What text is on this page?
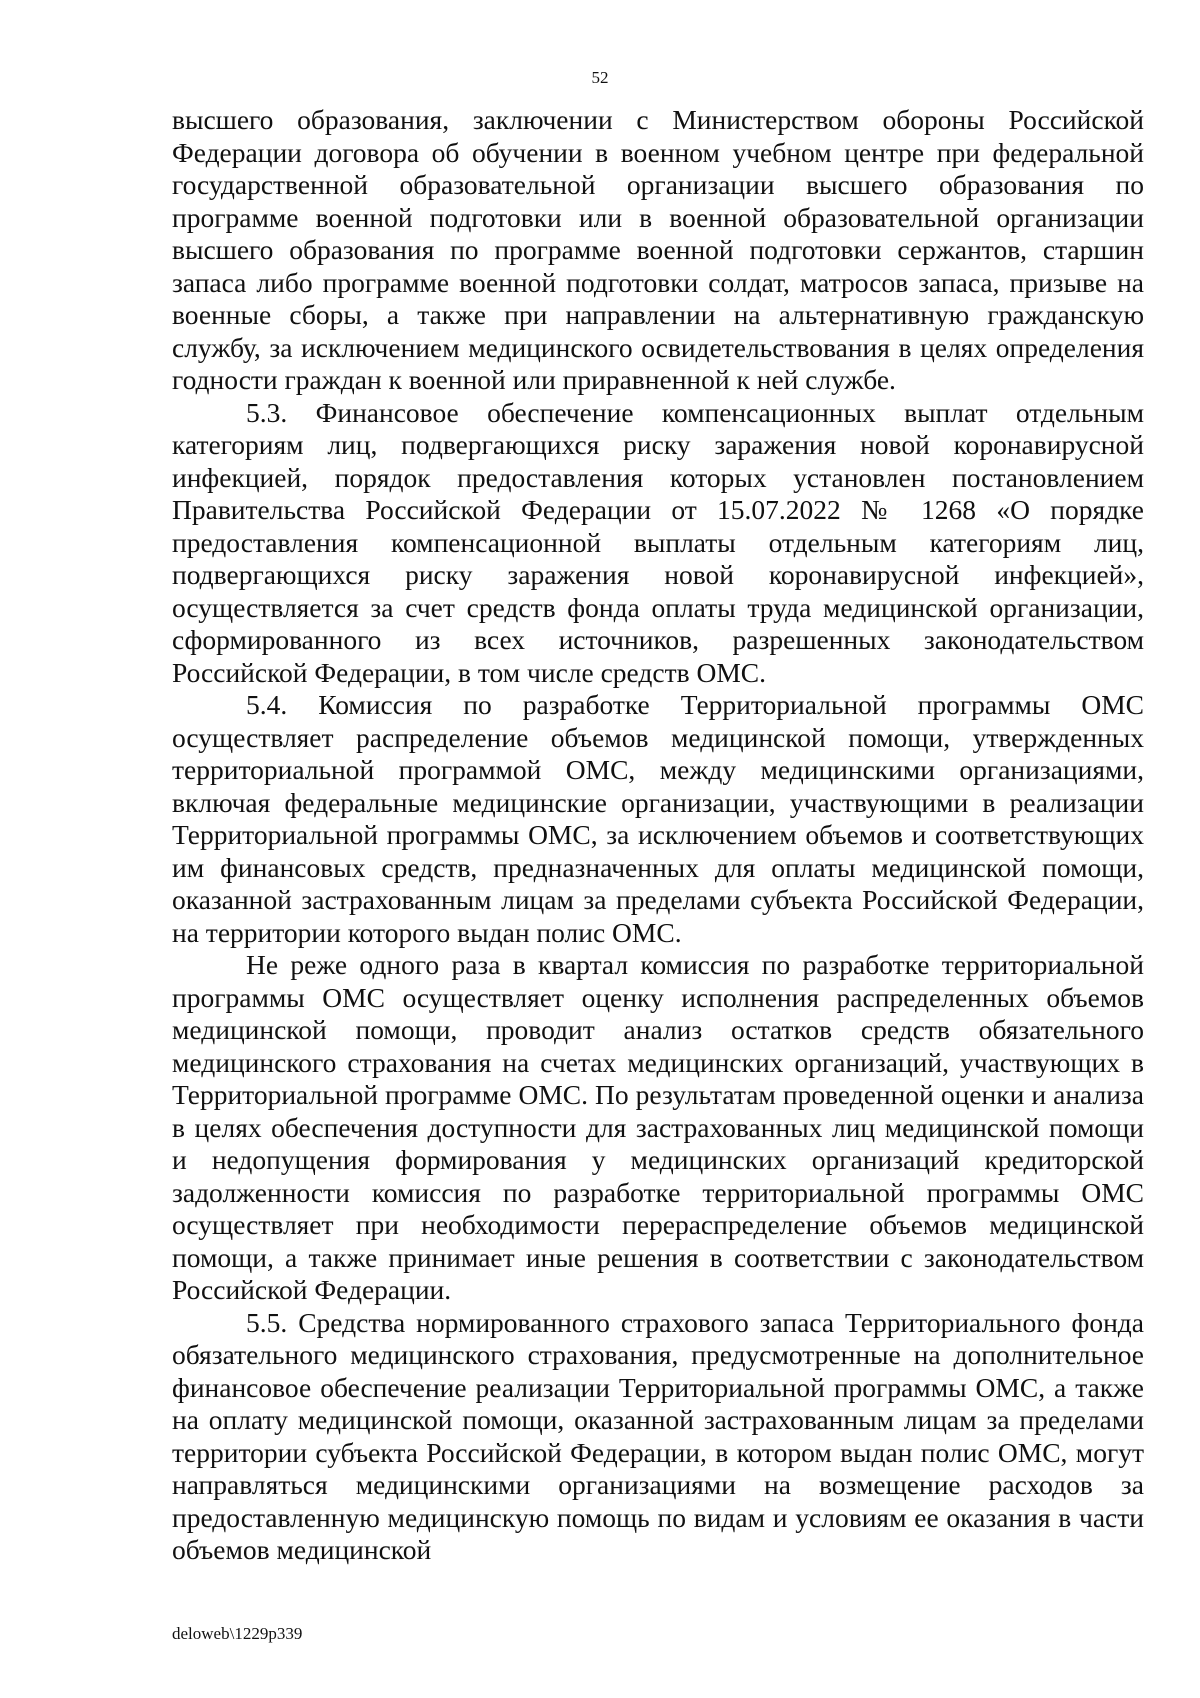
52

высшего образования, заключении с Министерством обороны Российской Федерации договора об обучении в военном учебном центре при федеральной государственной образовательной организации высшего образования по программе военной подготовки или в военной образовательной организации высшего образования по программе военной подготовки сержантов, старшин запаса либо программе военной подготовки солдат, матросов запаса, призыве на военные сборы, а также при направлении на альтернативную гражданскую службу, за исключением медицинского освидетельствования в целях определения годности граждан к военной или приравненной к ней службе.

5.3. Финансовое обеспечение компенсационных выплат отдельным категориям лиц, подвергающихся риску заражения новой коронавирусной инфекцией, порядок предоставления которых установлен постановлением Правительства Российской Федерации от 15.07.2022 № 1268 «О порядке предоставления компенсационной выплаты отдельным категориям лиц, подвергающихся риску заражения новой коронавирусной инфекцией», осуществляется за счет средств фонда оплаты труда медицинской организации, сформированного из всех источников, разрешенных законодательством Российской Федерации, в том числе средств ОМС.

5.4. Комиссия по разработке Территориальной программы ОМС осуществляет распределение объемов медицинской помощи, утвержденных территориальной программой ОМС, между медицинскими организациями, включая федеральные медицинские организации, участвующими в реализации Территориальной программы ОМС, за исключением объемов и соответствующих им финансовых средств, предназначенных для оплаты медицинской помощи, оказанной застрахованным лицам за пределами субъекта Российской Федерации, на территории которого выдан полис ОМС.

Не реже одного раза в квартал комиссия по разработке территориальной программы ОМС осуществляет оценку исполнения распределенных объемов медицинской помощи, проводит анализ остатков средств обязательного медицинского страхования на счетах медицинских организаций, участвующих в Территориальной программе ОМС. По результатам проведенной оценки и анализа в целях обеспечения доступности для застрахованных лиц медицинской помощи и недопущения формирования у медицинских организаций кредиторской задолженности комиссия по разработке территориальной программы ОМС осуществляет при необходимости перераспределение объемов медицинской помощи, а также принимает иные решения в соответствии с законодательством Российской Федерации.

5.5. Средства нормированного страхового запаса Территориального фонда обязательного медицинского страхования, предусмотренные на дополнительное финансовое обеспечение реализации Территориальной программы ОМС, а также на оплату медицинской помощи, оказанной застрахованным лицам за пределами территории субъекта Российской Федерации, в котором выдан полис ОМС, могут направляться медицинскими организациями на возмещение расходов за предоставленную медицинскую помощь по видам и условиям ее оказания в части объемов медицинской

deloweb\1229p339
